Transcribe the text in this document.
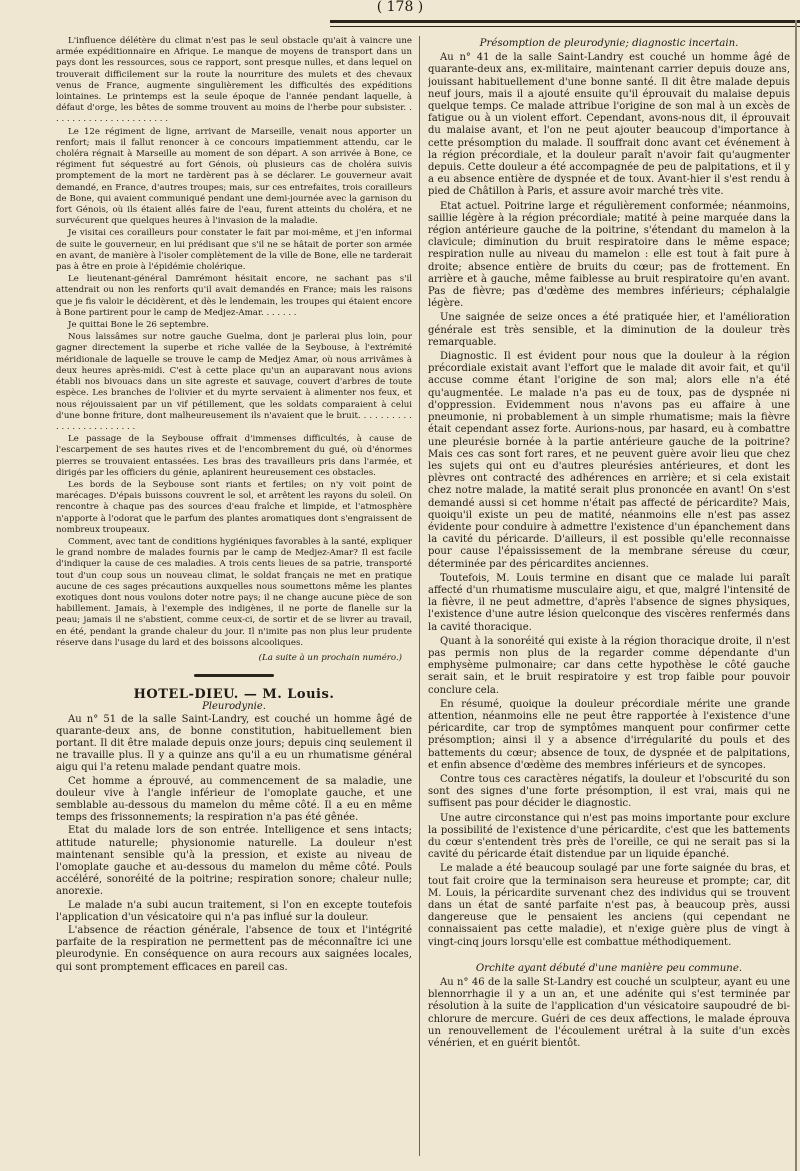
( 178 )

L'influence délétère du climat n'est pas le seul obstacle qu'ait à vaincre une armée expéditionnaire en Afrique. Le manque de moyens de transport dans un pays dont les ressources, sous ce rapport, sont presque nulles, et dans lequel on trouverait difficilement sur la route la nourriture des mulets et des chevaux venus de France, augmente singulièrement les difficultés des expéditions lointaines. Le printemps est la seule époque de l'année pendant laquelle, à défaut d'orge, les bêtes de somme trouvent au moins de l'herbe pour subsister. . . . . . . . . . . . . . . . . . . . . . .

Le 12e régiment de ligne, arrivant de Marseille, venait nous apporter un renfort; mais il fallut renoncer à ce concours impatiemment attendu, car le choléra régnait à Marseille au moment de son départ. A son arrivée à Bone, ce régiment fut séquestré au fort Génois, où plusieurs cas de choléra suivis promptement de la mort ne tardèrent pas à se déclarer. Le gouverneur avait demandé, en France, d'autres troupes; mais, sur ces entrefaites, trois corailleurs de Bone, qui avaient communiqué pendant une demi-journée avec la garnison du fort Génois, où ils étaient allés faire de l'eau, furent atteints du choléra, et ne survécurent que quelques heures à l'invasion de la maladie.

Je visitai ces corailleurs pour constater le fait par moi-même, et j'en informai de suite le gouverneur, en lui prédisant que s'il ne se hâtait de porter son armée en avant, de manière à l'isoler complètement de la ville de Bone, elle ne tarderait pas à être en proie à l'épidémie cholérique.

Le lieutenant-général Damrémont hésitait encore, ne sachant pas s'il attendrait ou non les renforts qu'il avait demandés en France; mais les raisons que je fis valoir le décidèrent, et dès le lendemain, les troupes qui étaient encore à Bone partirent pour le camp de Medjez-Amar. . . . . . .

Je quittai Bone le 26 septembre.

Nous laissâmes sur notre gauche Guelma, dont je parlerai plus loin, pour gagner directement la superbe et riche vallée de la Seybouse, à l'extrémité méridionale de laquelle se trouve le camp de Medjez Amar, où nous arrivâmes à deux heures après-midi. C'est à cette place qu'un an auparavant nous avions établi nos bivouacs dans un site agreste et sauvage, couvert d'arbres de toute espèce. Les branches de l'olivier et du myrte servaient à alimenter nos feux, et nous réjouissaient par un vif pétillement, que les soldats comparaient à celui d'une bonne friture, dont malheureusement ils n'avaient que le bruit. . . . . . . . . . . . . . . . . . . . . . . . .

Le passage de la Seybouse offrait d'immenses difficultés, à cause de l'escarpement de ses hautes rives et de l'encombrement du gué, où d'énormes pierres se trouvaient entassées. Les bras des travailleurs pris dans l'armée, et dirigés par les officiers du génie, aplanirent heureusement ces obstacles.

Les bords de la Seybouse sont riants et fertiles; on n'y voit point de marécages. D'épais buissons couvrent le sol, et arrêtent les rayons du soleil. On rencontre à chaque pas des sources d'eau fraîche et limpide, et l'atmosphère n'apporte à l'odorat que le parfum des plantes aromatiques dont s'engraissent de nombreux troupeaux.

Comment, avec tant de conditions hygiéniques favorables à la santé, expliquer le grand nombre de malades fournis par le camp de Medjez-Amar? Il est facile d'indiquer la cause de ces maladies. A trois cents lieues de sa patrie, transporté tout d'un coup sous un nouveau climat, le soldat français ne met en pratique aucune de ces sages précautions auxquelles nous soumettons même les plantes exotiques dont nous voulons doter notre pays; il ne change aucune pièce de son habillement. Jamais, à l'exemple des indigènes, il ne porte de flanelle sur la peau; jamais il ne s'abstient, comme ceux-ci, de sortir et de se livrer au travail, en été, pendant la grande chaleur du jour. Il n'imite pas non plus leur prudente réserve dans l'usage du lard et des boissons alcooliques.

(La suite à un prochain numéro.)

HOTEL-DIEU. — M. Louis.

Pleurodynie.

Au n° 51 de la salle Saint-Landry, est couché un homme âgé de quarante-deux ans, de bonne constitution, habituellement bien portant. Il dit être malade depuis onze jours; depuis cinq seulement il ne travaille plus. Il y a quinze ans qu'il a eu un rhumatisme général aigu qui l'a retenu malade pendant quatre mois.

Cet homme a éprouvé, au commencement de sa maladie, une douleur vive à l'angle inférieur de l'omoplate gauche, et une semblable au-dessous du mamelon du même côté. Il a eu en même temps des frissonnements; la respiration n'a pas été gênée.

Etat du malade lors de son entrée. Intelligence et sens intacts; attitude naturelle; physionomie naturelle. La douleur n'est maintenant sensible qu'à la pression, et existe au niveau de l'omoplate gauche et au-dessous du mamelon du même côté. Pouls accéléré, sonoréité de la poitrine; respiration sonore; chaleur nulle; anorexie.

Le malade n'a subi aucun traitement, si l'on en excepte toutefois l'application d'un vésicatoire qui n'a pas influé sur la douleur.

L'absence de réaction générale, l'absence de toux et l'intégrité parfaite de la respiration ne permettent pas de méconnaître ici une pleurodynie. En conséquence on aura recours aux saignées locales, qui sont promptement efficaces en pareil cas.

Présomption de pleurodynie; diagnostic incertain.

Au n° 41 de la salle Saint-Landry est couché un homme âgé de quarante-deux ans, ex-militaire, maintenant carrier depuis douze ans, jouissant habituellement d'une bonne santé. Il dit être malade depuis neuf jours, mais il a ajouté ensuite qu'il éprouvait du malaise depuis quelque temps. Ce malade attribue l'origine de son mal à un excès de fatigue ou à un violent effort. Cependant, avons-nous dit, il éprouvait du malaise avant, et l'on ne peut ajouter beaucoup d'importance à cette présomption du malade. Il souffrait donc avant cet événement à la région précordiale, et la douleur paraît n'avoir fait qu'augmenter depuis. Cette douleur a été accompagnée de peu de palpitations, et il y a eu absence entière de dyspnée et de toux. Avant-hier il s'est rendu à pied de Châtillon à Paris, et assure avoir marché très vite.

Etat actuel. Poitrine large et régulièrement conformée; néanmoins, saillie légère à la région précordiale; matité à peine marquée dans la région antérieure gauche de la poitrine, s'étendant du mamelon à la clavicule; diminution du bruit respiratoire dans le même espace; respiration nulle au niveau du mamelon : elle est tout à fait pure à droite; absence entière de bruits du cœur; pas de frottement. En arrière et à gauche, même faiblesse au bruit respiratoire qu'en avant. Pas de fièvre; pas d'œdème des membres inférieurs; céphalalgie légère.

Une saignée de seize onces a été pratiquée hier, et l'amélioration générale est très sensible, et la diminution de la douleur très remarquable.

Diagnostic. Il est évident pour nous que la douleur à la région précordiale existait avant l'effort que le malade dit avoir fait, et qu'il accuse comme étant l'origine de son mal; alors elle n'a été qu'augmentée. Le malade n'a pas eu de toux, pas de dyspnée ni d'oppression. Evidemment nous n'avons pas eu affaire à une pneumonie, ni probablement à un simple rhumatisme; mais la fièvre était cependant assez forte. Aurions-nous, par hasard, eu à combattre une pleurésie bornée à la partie antérieure gauche de la poitrine? Mais ces cas sont fort rares, et ne peuvent guère avoir lieu que chez les sujets qui ont eu d'autres pleurésies antérieures, et dont les plèvres ont contracté des adhérences en arrière; et si cela existait chez notre malade, la matité serait plus prononcée en avant! On s'est demandé aussi si cet homme n'était pas affecté de péricardite? Mais, quoiqu'il existe un peu de matité, néanmoins elle n'est pas assez évidente pour conduire à admettre l'existence d'un épanchement dans la cavité du péricarde. D'ailleurs, il est possible qu'elle reconnaisse pour cause l'épaississement de la membrane séreuse du cœur, déterminée par des péricardites anciennes.

Toutefois, M. Louis termine en disant que ce malade lui paraît affecté d'un rhumatisme musculaire aigu, et que, malgré l'intensité de la fièvre, il ne peut admettre, d'après l'absence de signes physiques, l'existence d'une autre lésion quelconque des viscères renfermés dans la cavité thoracique.

Quant à la sonoréité qui existe à la région thoracique droite, il n'est pas permis non plus de la regarder comme dépendante d'un emphysème pulmonaire; car dans cette hypothèse le côté gauche serait sain, et le bruit respiratoire y est trop faible pour pouvoir conclure cela.

En résumé, quoique la douleur précordiale mérite une grande attention, néanmoins elle ne peut être rapportée à l'existence d'une péricardite, car trop de symptômes manquent pour confirmer cette présomption; ainsi il y a absence d'irrégularité du pouls et des battements du cœur; absence de toux, de dyspnée et de palpitations, et enfin absence d'œdème des membres inférieurs et de syncopes.

Contre tous ces caractères négatifs, la douleur et l'obscurité du son sont des signes d'une forte présomption, il est vrai, mais qui ne suffisent pas pour décider le diagnostic.

Une autre circonstance qui n'est pas moins importante pour exclure la possibilité de l'existence d'une péricardite, c'est que les battements du cœur s'entendent très près de l'oreille, ce qui ne serait pas si la cavité du péricarde était distendue par un liquide épanché.

Le malade a été beaucoup soulagé par une forte saignée du bras, et tout fait croire que la terminaison sera heureuse et prompte; car, dit M. Louis, la péricardite survenant chez des individus qui se trouvent dans un état de santé parfaite n'est pas, à beaucoup près, aussi dangereuse que le pensaient les anciens (qui cependant ne connaissaient pas cette maladie), et n'exige guère plus de vingt à vingt-cinq jours lorsqu'elle est combattue méthodiquement.

Orchite ayant débuté d'une manière peu commune.

Au n° 46 de la salle St-Landry est couché un sculpteur, ayant eu une blennorrhagie il y a un an, et une adénite qui s'est terminée par résolution à la suite de l'application d'un vésicatoire saupoudré de bi-chlorure de mercure. Guéri de ces deux affections, le malade éprouva un renouvellement de l'écoulement urétral à la suite d'un excès vénérien, et en guérit bientôt.
